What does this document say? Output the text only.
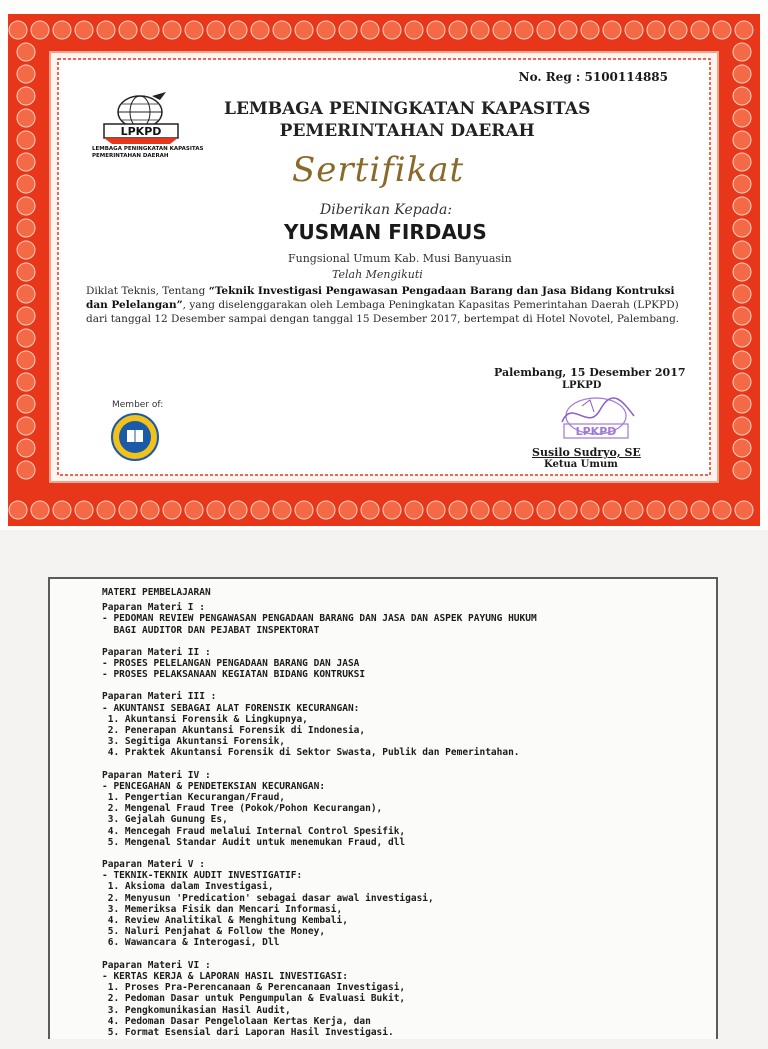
No. Reg : 5100114885
LPKPD
LEMBAGA PENINGKATAN KAPASITAS
PEMERINTAHAN DAERAH
LEMBAGA PENINGKATAN KAPASITAS
PEMERINTAHAN DAERAH
Sertifikat
Diberikan Kepada:
YUSMAN FIRDAUS
Fungsional Umum Kab. Musi Banyuasin
Telah Mengikuti
Diklat Teknis, Tentang “Teknik Investigasi Pengawasan Pengadaan Barang dan Jasa Bidang Kontruksi dan Pelelangan”, yang diselenggarakan oleh Lembaga Peningkatan Kapasitas Pemerintahan Daerah (LPKPD) dari tanggal 12 Desember sampai dengan tanggal 15 Desember 2017, bertempat di Hotel Novotel, Palembang.
Palembang, 15 Desember 2017
LPKPD
LPKPD
Susilo Sudryo, SE
Ketua Umum
Member of:
MATERI PEMBELAJARAN
Paparan Materi I :
- PEDOMAN REVIEW PENGAWASAN PENGADAAN BARANG DAN JASA DAN ASPEK PAYUNG HUKUM
BAGI AUDITOR DAN PEJABAT INSPEKTORAT
Paparan Materi II :
- PROSES PELELANGAN PENGADAAN BARANG DAN JASA
- PROSES PELAKSANAAN KEGIATAN BIDANG KONTRUKSI
Paparan Materi III :
- AKUNTANSI SEBAGAI ALAT FORENSIK KECURANGAN:
1. Akuntansi Forensik & Lingkupnya,
2. Penerapan Akuntansi Forensik di Indonesia,
3. Segitiga Akuntansi Forensik,
4. Praktek Akuntansi Forensik di Sektor Swasta, Publik dan Pemerintahan.
Paparan Materi IV :
- PENCEGAHAN & PENDETEKSIAN KECURANGAN:
1. Pengertian Kecurangan/Fraud,
2. Mengenal Fraud Tree (Pokok/Pohon Kecurangan),
3. Gejalah Gunung Es,
4. Mencegah Fraud melalui Internal Control Spesifik,
5. Mengenal Standar Audit untuk menemukan Fraud, dll
Paparan Materi V :
- TEKNIK-TEKNIK AUDIT INVESTIGATIF:
1. Aksioma dalam Investigasi,
2. Menyusun 'Predication' sebagai dasar awal investigasi,
3. Memeriksa Fisik dan Mencari Informasi,
4. Review Analitikal & Menghitung Kembali,
5. Naluri Penjahat & Follow the Money,
6. Wawancara & Interogasi, Dll
Paparan Materi VI :
- KERTAS KERJA & LAPORAN HASIL INVESTIGASI:
1. Proses Pra-Perencanaan & Perencanaan Investigasi,
2. Pedoman Dasar untuk Pengumpulan & Evaluasi Bukit,
3. Pengkomunikasian Hasil Audit,
4. Pedoman Dasar Pengelolaan Kertas Kerja, dan
5. Format Esensial dari Laporan Hasil Investigasi.
